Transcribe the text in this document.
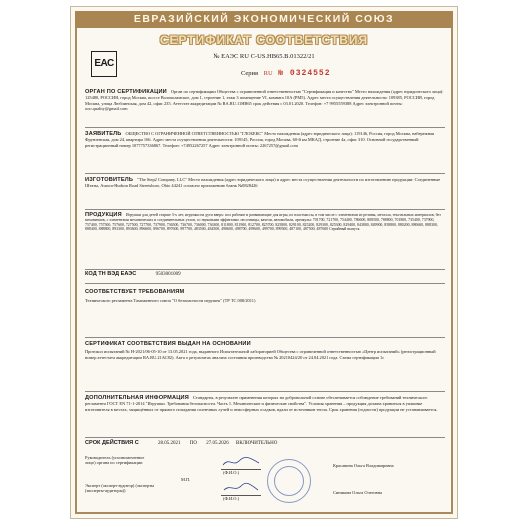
ЕВРАЗИЙСКИЙ ЭКОНОМИЧЕСКИЙ СОЮЗ
СЕРТИФИКАТ СООТВЕТСТВИЯ
ЕАС
№ ЕАЭС RU С-US.НВ65.В.01322/21
Серия RU № 0324552

ОРГАН ПО СЕРТИФИКАЦИИ Орган по сертификации Общества с ограниченной ответственностью "Сертификация и качество" Место нахождения (адрес юридического лица): 125480, РОССИЯ, город Москва, шоссе Волоколамское, дом 1, строение 1, этаж 3 помещение VI, комната 10А (РМ5). Адрес места осуществления деятельности: 109385, РОССИЯ, город Москва, улица Люблинская, дом 42, офис 235. Аттестат аккредитации № RA.RU.11НВ65 срок действия с 03.01.2020. Телефон: +7 9955559388 Адрес электронной почты: ooo.quality@gmail.com

ЗАЯВИТЕЛЬ ОБЩЕСТВО С ОГРАНИЧЕННОЙ ОТВЕТСТВЕННОСТЬЮ "ГЛОБЕКС" Место нахождения (адрес юридического лица): 119146, Россия, город Москва, набережная Фрунзенская, дом 24, квартира 166. Адрес места осуществления деятельности: 109145, Россия, город Москва, 60-й км МКАД, строение 4а, офис 310. Основной государственный регистрационный номер 1077757336867. Телефон: +74952267257 Адрес электронной почты: 2267257@gmail.com

ИЗГОТОВИТЕЛЬ "The Step2 Company, LLC" Место нахождения (адрес юридического лица) и адрес места осуществления деятельности по изготовлению продукции: Соединенные Штаты, Aurora-Hudson Road Streetsboro, Ohio 44241 согласно приложению бланк №0828426

ПРОДУКЦИЯ Игрушки для детей старше 3-х лет, игрушки на дуги вверх: пол рабочие и развивающие для игры, из пластмассы, в том числе с элементами из резины, металла, текстильных материалов, без механизмов, с элементами механических и соединительных узлов, со звуковыми эффектами: песочницы, качели, автомобили, артикулы: 701700, 721700, 754400, 786600, 808500, 788800, 701800, 735400, 737900, 757400, 757500, 757600, 727500, 727700, 737900, 736500, 736700, 736000, 736300, 811800, 811900, 812700, 825700, 825800, 829100, 825200, 829300, 825300, 829400, 843800, 849900, 858800, 880200, 880600, 888300, 888400, 888800, 893300, 893600, 896600, 896700, 897600, 897700, 483500, 484500, 498600, 498700, 499600, 499700, 899500, 487100, 487500, 487600 Серийный выпуск

КОД ТН ВЭД ЕАЭС	9503001009

СООТВЕТСТВУЕТ ТРЕБОВАНИЯМ

Технического регламента Таможенного союза "О безопасности игрушек" (ТР ТС 008/2011)

СЕРТИФИКАТ СООТВЕТСТВИЯ ВЫДАН НА ОСНОВАНИИ

Протокол испытаний № Н-2021/06-05-10 от 13.05.2021 года, выданного Испытательной лабораторией Общества с ограниченной ответственностью «Центр испытаний» (регистрационный номер аттестата аккредитации RA.RU.21АС82). Акта о результатах анализа состояния производства № 20210424/20 от 24.04.2021 года. Схема сертификации 1с

ДОПОЛНИТЕЛЬНАЯ ИНФОРМАЦИЯ Стандарты, в результате применения которых на добровольной основе обеспечивается соблюдение требований технического регламента ГОСТ EN 71-1-2014 "Игрушки. Требования безопасности. Часть 1. Механические и физические свойства". Условия хранения – продукция должна храниться в упаковке изготовителя в местах, защищённых от прямого попадания солнечных лучей и атмосферных осадков, вдали от источников тепла. Срок хранения (годности) продукции не устанавливается.

СРОК ДЕЙСТВИЯ С	28.05.2021 ПО 27.05.2026 ВКЛЮЧИТЕЛЬНО
Руководитель (уполномоченное лицо) органа по сертификации
(Ф.И.О.)
Красавина Ольга Владимировна
М.П.
Эксперт (эксперт-аудитор) (эксперты (эксперты-аудиторы))
(Ф.И.О.)
Синикова Ольга Олеговна
